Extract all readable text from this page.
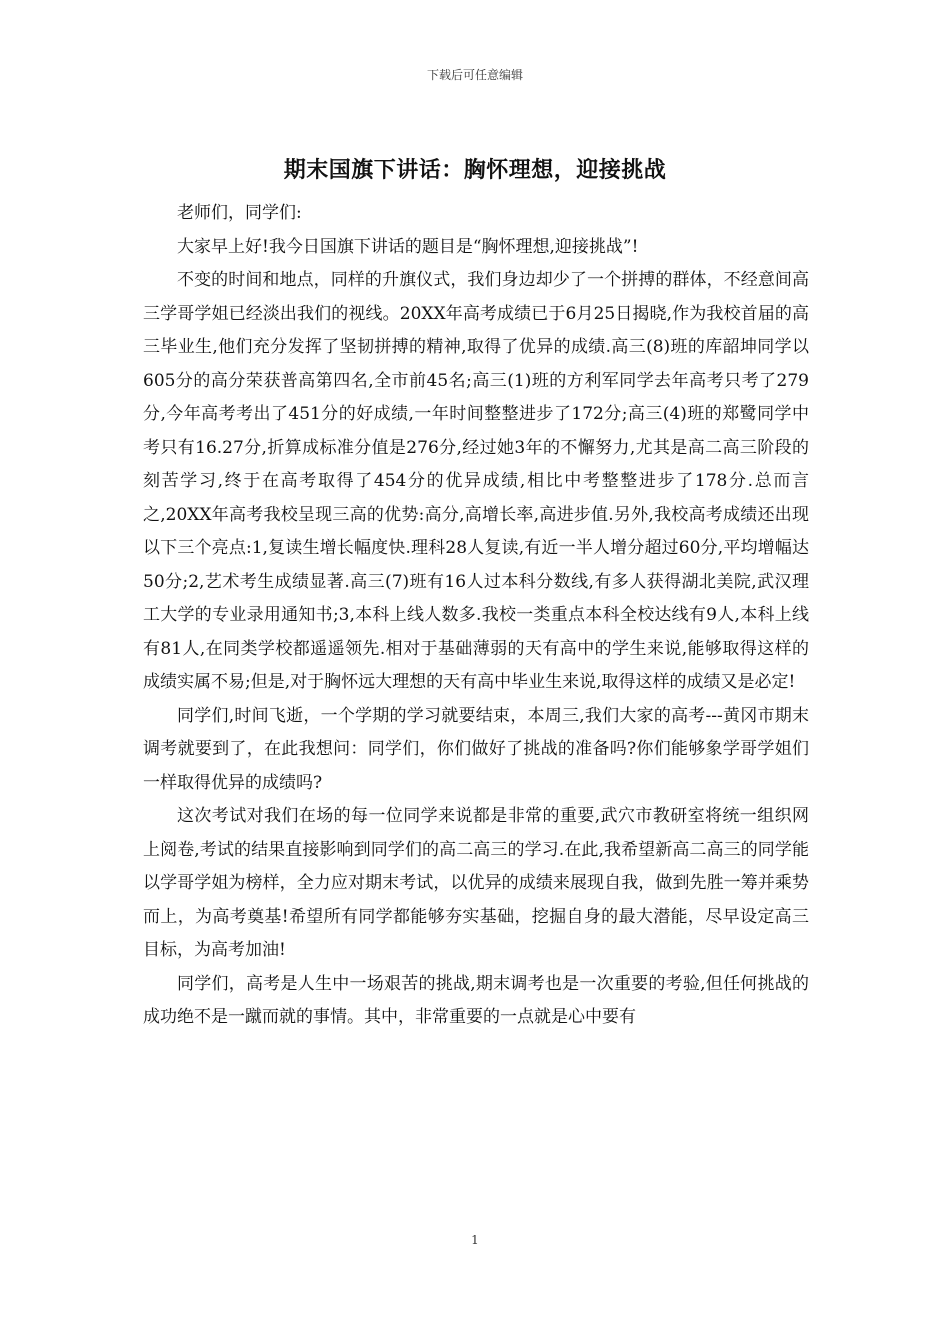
下载后可任意编辑
期末国旗下讲话：胸怀理想，迎接挑战

老师们，同学们:

大家早上好!我今日国旗下讲话的题目是“胸怀理想,迎接挑战”!

不变的时间和地点，同样的升旗仪式，我们身边却少了一个拼搏的群体，不经意间高三学哥学姐已经淡出我们的视线。20XX年高考成绩已于6月25日揭晓,作为我校首届的高三毕业生,他们充分发挥了坚韧拼搏的精神,取得了优异的成绩.高三(8)班的库韶坤同学以605分的高分荣获普高第四名,全市前45名;高三(1)班的方利军同学去年高考只考了279分,今年高考考出了451分的好成绩,一年时间整整进步了172分;高三(4)班的郑鹭同学中考只有16.27分,折算成标准分值是276分,经过她3年的不懈努力,尤其是高二高三阶段的刻苦学习,终于在高考取得了454分的优异成绩,相比中考整整进步了178分.总而言之,20XX年高考我校呈现三高的优势:高分,高增长率,高进步值.另外,我校高考成绩还出现以下三个亮点:1,复读生增长幅度快.理科28人复读,有近一半人增分超过60分,平均增幅达50分;2,艺术考生成绩显著.高三(7)班有16人过本科分数线,有多人获得湖北美院,武汉理工大学的专业录用通知书;3,本科上线人数多.我校一类重点本科全校达线有9人,本科上线有81人,在同类学校都遥遥领先.相对于基础薄弱的天有高中的学生来说,能够取得这样的成绩实属不易;但是,对于胸怀远大理想的天有高中毕业生来说,取得这样的成绩又是必定!

同学们,时间飞逝，一个学期的学习就要结束，本周三,我们大家的高考---黄冈市期末调考就要到了，在此我想问：同学们，你们做好了挑战的准备吗?你们能够象学哥学姐们一样取得优异的成绩吗?

这次考试对我们在场的每一位同学来说都是非常的重要,武穴市教研室将统一组织网上阅卷,考试的结果直接影响到同学们的高二高三的学习.在此,我希望新高二高三的同学能以学哥学姐为榜样，全力应对期末考试，以优异的成绩来展现自我，做到先胜一筹并乘势而上，为高考奠基!希望所有同学都能够夯实基础，挖掘自身的最大潜能，尽早设定高三目标，为高考加油!

同学们，高考是人生中一场艰苦的挑战,期末调考也是一次重要的考验,但任何挑战的成功绝不是一蹴而就的事情。其中，非常重要的一点就是心中要有

1
